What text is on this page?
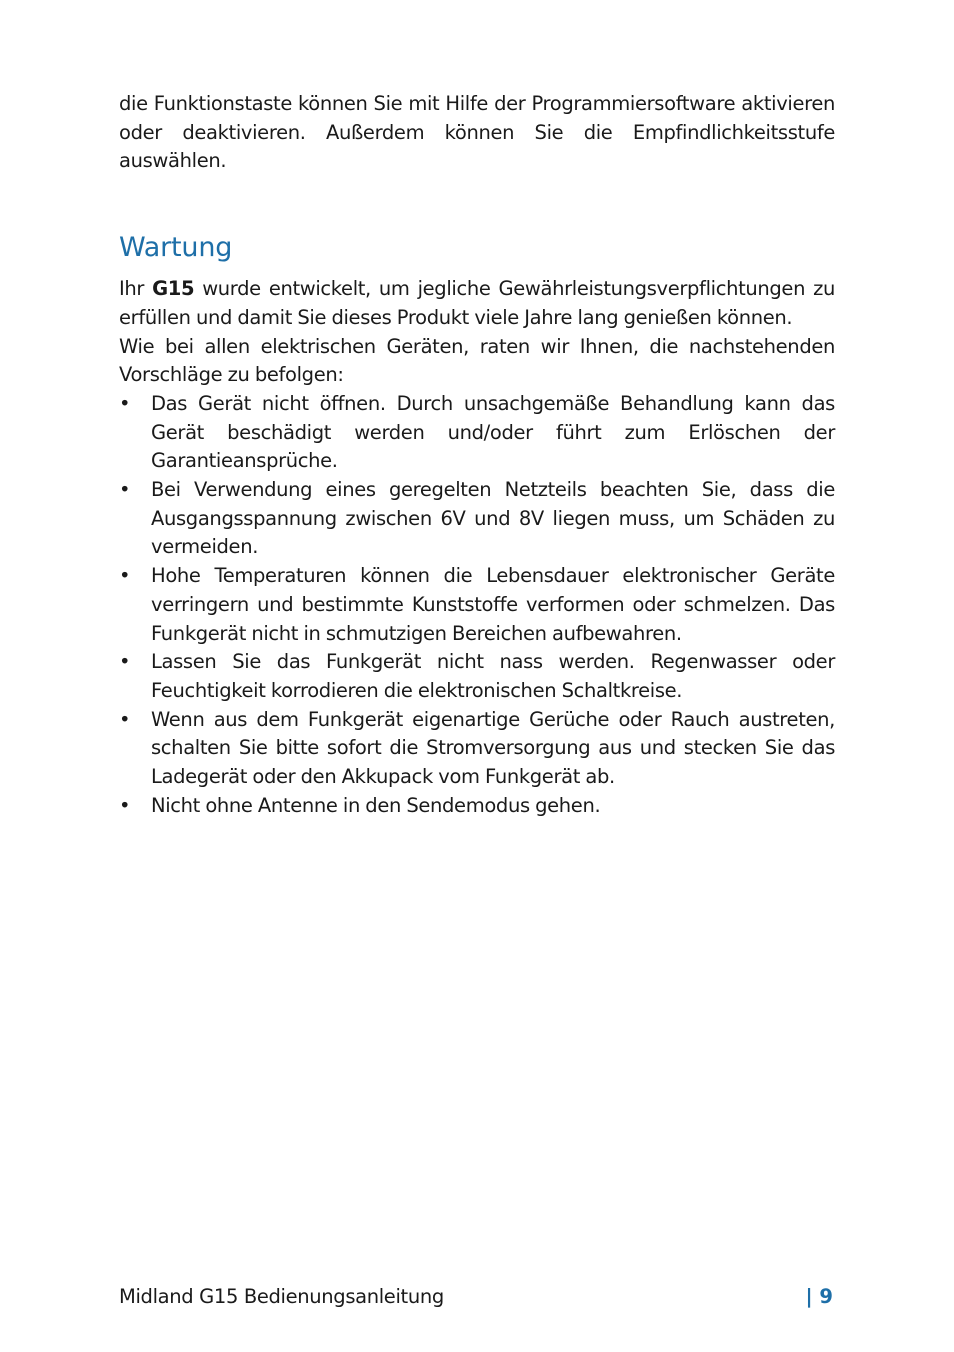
die Funktionstaste können Sie mit Hilfe der Programmiersoftware aktivieren oder deaktivieren. Außerdem können Sie die Empfindlichkeitsstufe auswählen.

Wartung

Ihr G15 wurde entwickelt, um jegliche Gewährleistungsverpflichtungen zu erfüllen und damit Sie dieses Produkt viele Jahre lang genießen können.

Wie bei allen elektrischen Geräten, raten wir Ihnen, die nachstehenden Vorschläge zu befolgen:

• Das Gerät nicht öffnen. Durch unsachgemäße Behandlung kann das Gerät beschädigt werden und/oder führt zum Erlöschen der Garantieansprüche.
• Bei Verwendung eines geregelten Netzteils beachten Sie, dass die Ausgangsspannung zwischen 6V und 8V liegen muss, um Schäden zu vermeiden.
• Hohe Temperaturen können die Lebensdauer elektronischer Geräte verringern und bestimmte Kunststoffe verformen oder schmelzen. Das Funkgerät nicht in schmutzigen Bereichen aufbewahren.
• Lassen Sie das Funkgerät nicht nass werden. Regenwasser oder Feuchtigkeit korrodieren die elektronischen Schaltkreise.
• Wenn aus dem Funkgerät eigenartige Gerüche oder Rauch austreten, schalten Sie bitte sofort die Stromversorgung aus und stecken Sie das Ladegerät oder den Akkupack vom Funkgerät ab.
• Nicht ohne Antenne in den Sendemodus gehen.
Midland G15 Bedienungsanleitung	| 9
